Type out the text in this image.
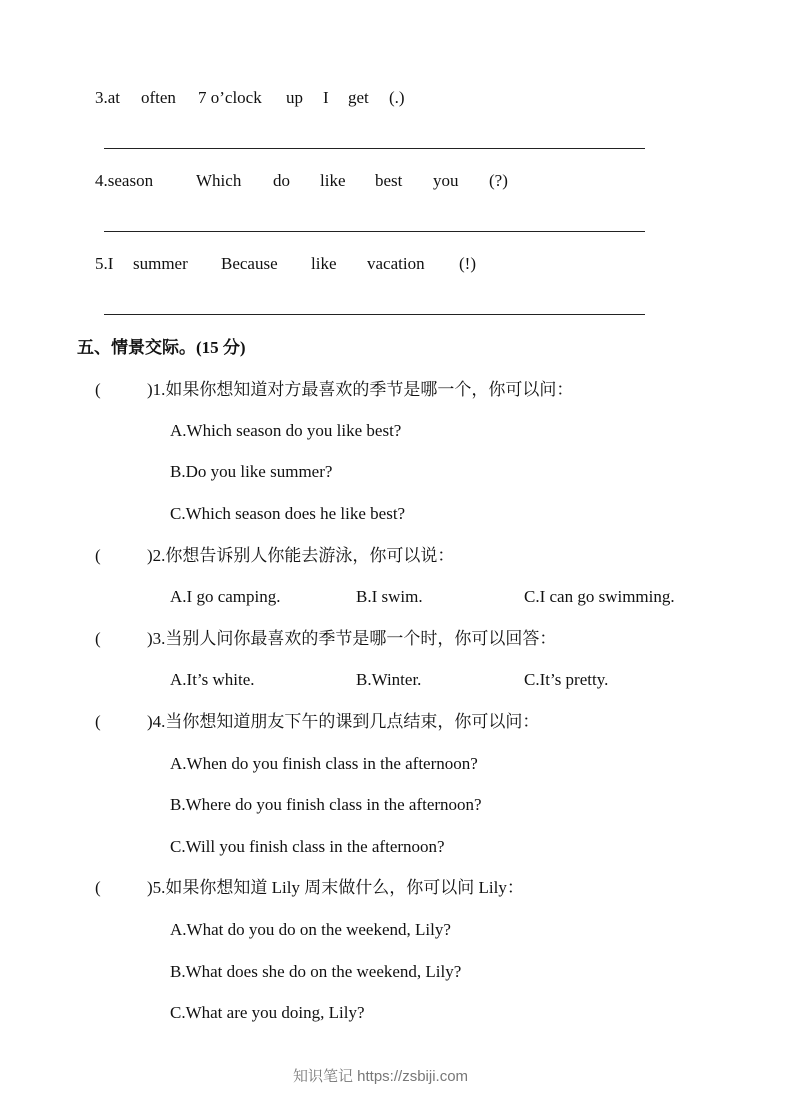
3.at often 7 o’clock up I get (.)
4.season	Which do like best you (?)
5.I summer Because like vacation (!)
五、情景交际。(15 分)
(	)1.如果你想知道对方最喜欢的季节是哪一个，你可以问：
A.Which season do you like best?
B.Do you like summer?
C.Which season does he like best?
(	)2.你想告诉别人你能去游泳，你可以说：
A.I go camping.	B.I swim.	C.I can go swimming.
(	)3.当别人问你最喜欢的季节是哪一个时，你可以回答：
A.It’s white.	B.Winter.	C.It’s pretty.
(	)4.当你想知道朋友下午的课到几点结束，你可以问：
A.When do you finish class in the afternoon?
B.Where do you finish class in the afternoon?
C.Will you finish class in the afternoon?
(	)5.如果你想知道 Lily 周末做什么，你可以问 Lily：
A.What do you do on the weekend, Lily?
B.What does she do on the weekend, Lily?
C.What are you doing, Lily?
知识笔记 https://zsbiji.com
